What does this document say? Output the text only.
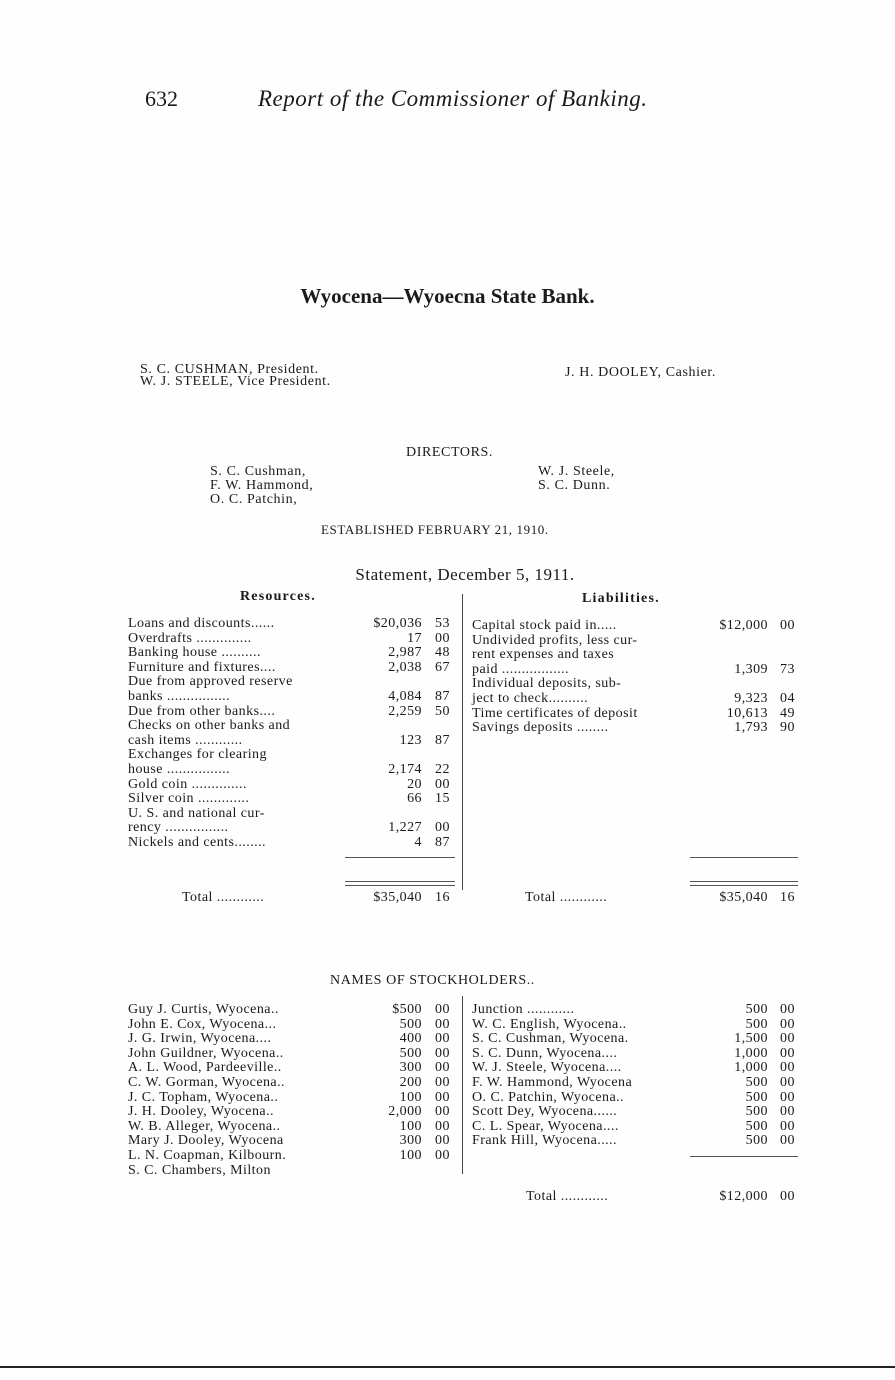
632	Report of the Commissioner of Banking.
Wyocena—Wyoecna State Bank.
S. C. CUSHMAN, President.
W. J. STEELE, Vice President.
J. H. DOOLEY, Cashier.
DIRECTORS.
S. C. Cushman,
F. W. Hammond,
O. C. Patchin,
W. J. Steele,
S. C. Dunn.
ESTABLISHED FEBRUARY 21, 1910.
Statement, December 5, 1911.
Resources.	Liabilities.
Loans and discounts......	$20,036 53
Overdrafts ..............	17 00
Banking house ..........	2,987 48
Furniture and fixtures....	2,038 67
Due from approved reserve
banks ................	4,084 87
Due from other banks....	2,259 50
Checks on other banks and
cash items ............	123 87
Exchanges for clearing
house ................	2,174 22
Gold coin ..............	20 00
Silver coin .............	66 15
U. S. and national cur-
rency ................	1,227 00
Nickels and cents........	4 87

Total ............	$35,040 16

Capital stock paid in.....	$12,000 00
Undivided profits, less cur-
rent expenses and taxes
paid .................	1,309 73
Individual deposits, sub-
ject to check..........	9,323 04
Time certificates of deposit	10,613 49
Savings deposits ........	1,793 90

Total ............	$35,040 16

NAMES OF STOCKHOLDERS..
Guy J. Curtis, Wyocena..	$500 00
John E. Cox, Wyocena...	500 00
J. G. Irwin, Wyocena....	400 00
John Guildner, Wyocena..	500 00
A. L. Wood, Pardeeville..	300 00
C. W. Gorman, Wyocena..	200 00
J. C. Topham, Wyocena..	100 00
J. H. Dooley, Wyocena..	2,000 00
W. B. Alleger, Wyocena..	100 00
Mary J. Dooley, Wyocena	300 00
L. N. Coapman, Kilbourn.	100 00
S. C. Chambers, Milton
Junction ............	500 00
W. C. English, Wyocena..	500 00
S. C. Cushman, Wyocena.	1,500 00
S. C. Dunn, Wyocena....	1,000 00
W. J. Steele, Wyocena....	1,000 00
F. W. Hammond, Wyocena	500 00
O. C. Patchin, Wyocena..	500 00
Scott Dey, Wyocena......	500 00
C. L. Spear, Wyocena....	500 00
Frank Hill, Wyocena.....	500 00

Total ............	$12,000 00
